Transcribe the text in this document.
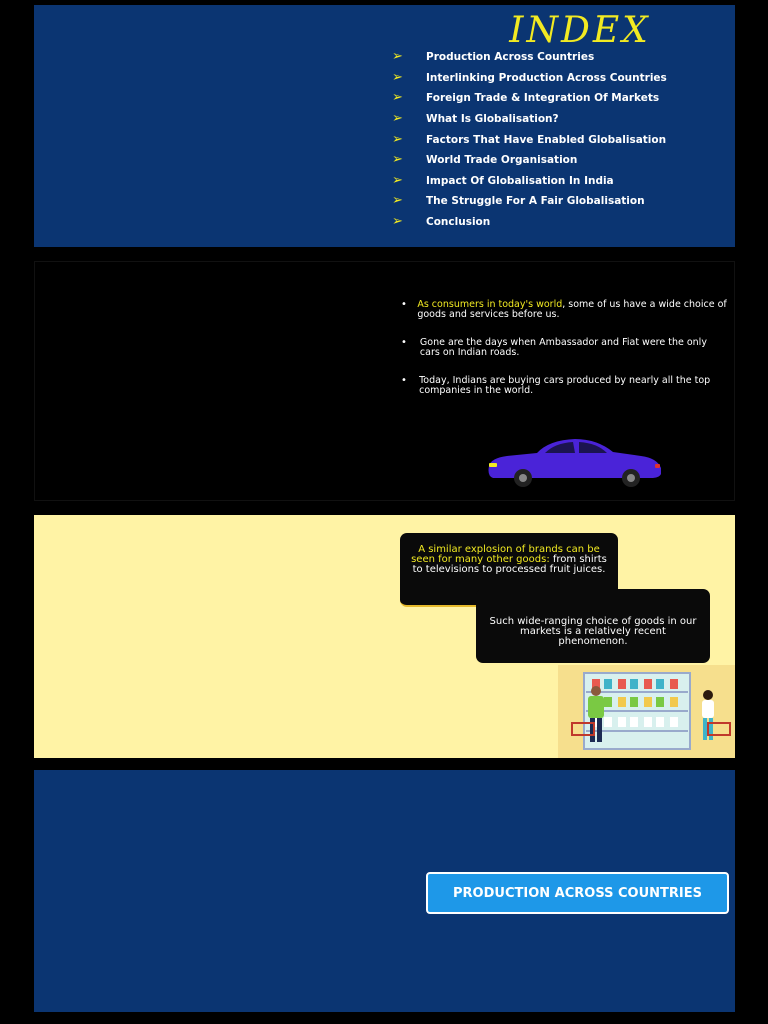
INDEX
➢	Production Across Countries
➢	Interlinking Production Across Countries
➢	Foreign Trade & Integration Of Markets
➢	What Is Globalisation?
➢	Factors That Have Enabled Globalisation
➢	World Trade Organisation
➢	Impact Of Globalisation In India
➢	The Struggle For A Fair Globalisation
➢	Conclusion
•	As consumers in today's world, some of us have a wide choice of goods and services before us.
•	Gone are the days when Ambassador and Fiat were the only cars on Indian roads.
•	Today, Indians are buying cars produced by nearly all the top companies in the world.
A similar explosion of brands can be seen for many other goods: from shirts to televisions to processed fruit juices.
Such wide-ranging choice of goods in our markets is a relatively recent phenomenon.
PRODUCTION ACROSS COUNTRIES
